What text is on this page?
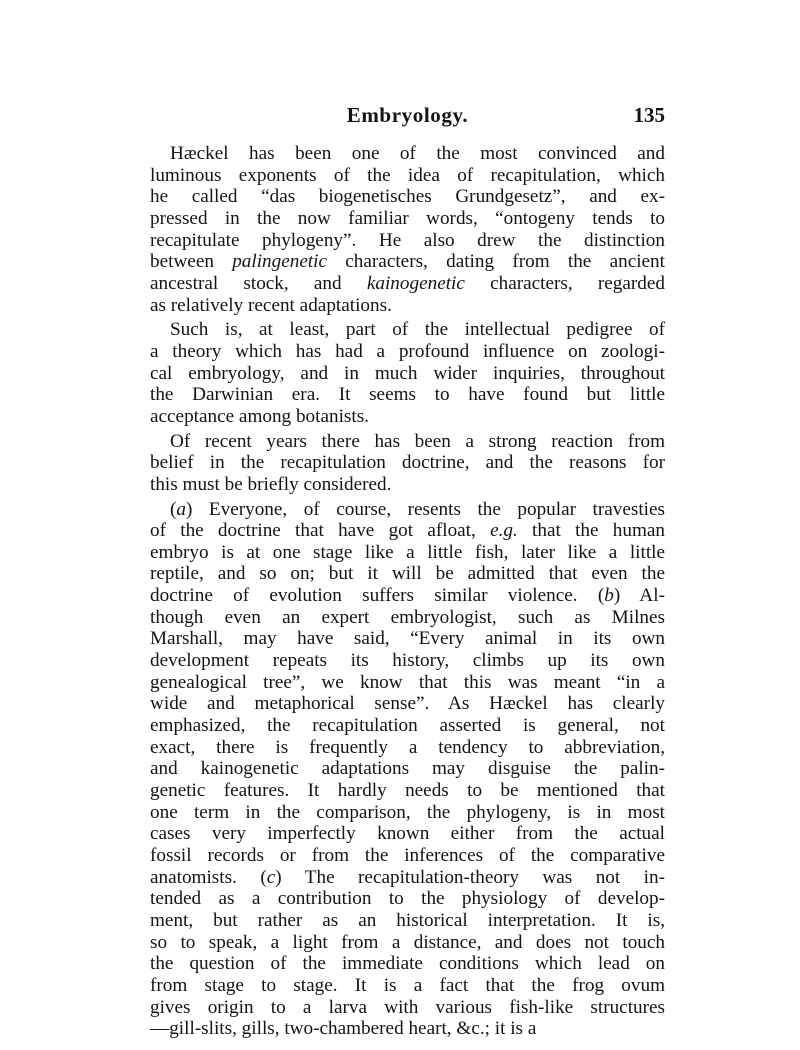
Embryology.	135

Hæckel has been one of the most convinced and
luminous exponents of the idea of recapitulation, which
he called “das biogenetisches Grundgesetz”, and ex-
pressed in the now familiar words, “ontogeny tends to
recapitulate phylogeny”. He also drew the distinction
between palingenetic characters, dating from the ancient
ancestral stock, and kainogenetic characters, regarded
as relatively recent adaptations.

Such is, at least, part of the intellectual pedigree of
a theory which has had a profound influence on zoologi-
cal embryology, and in much wider inquiries, throughout
the Darwinian era. It seems to have found but little
acceptance among botanists.

Of recent years there has been a strong reaction from
belief in the recapitulation doctrine, and the reasons for
this must be briefly considered.

(a) Everyone, of course, resents the popular travesties
of the doctrine that have got afloat, e.g. that the human
embryo is at one stage like a little fish, later like a little
reptile, and so on; but it will be admitted that even the
doctrine of evolution suffers similar violence. (b) Al-
though even an expert embryologist, such as Milnes
Marshall, may have said, “Every animal in its own
development repeats its history, climbs up its own
genealogical tree”, we know that this was meant “in a
wide and metaphorical sense”. As Hæckel has clearly
emphasized, the recapitulation asserted is general, not
exact, there is frequently a tendency to abbreviation,
and kainogenetic adaptations may disguise the palin-
genetic features. It hardly needs to be mentioned that
one term in the comparison, the phylogeny, is in most
cases very imperfectly known either from the actual
fossil records or from the inferences of the comparative
anatomists. (c) The recapitulation-theory was not in-
tended as a contribution to the physiology of develop-
ment, but rather as an historical interpretation. It is,
so to speak, a light from a distance, and does not touch
the question of the immediate conditions which lead on
from stage to stage. It is a fact that the frog ovum
gives origin to a larva with various fish-like structures
—gill-slits, gills, two-chambered heart, &c.; it is a
